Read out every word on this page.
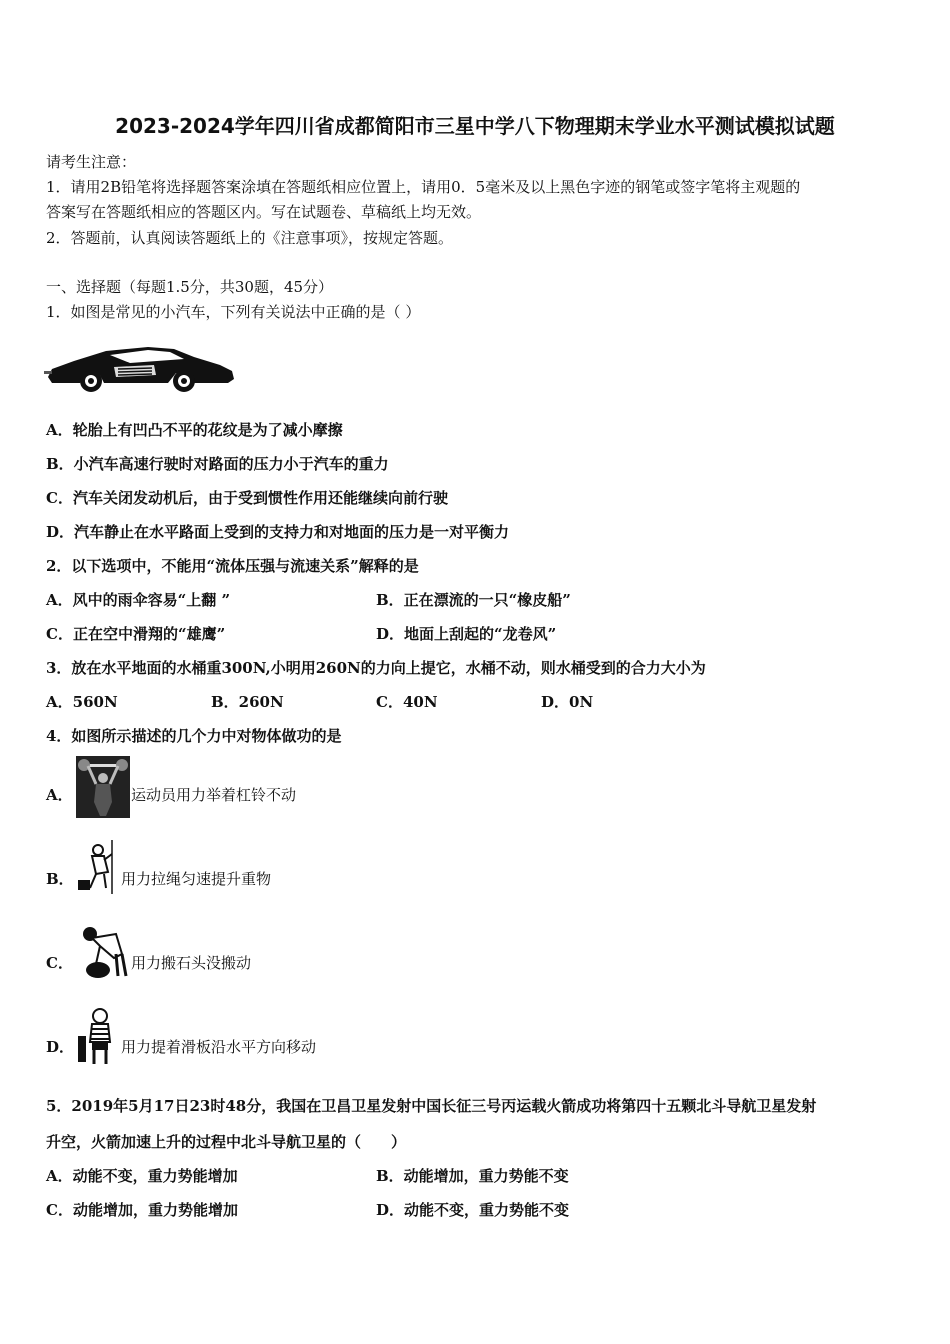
2023-2024学年四川省成都简阳市三星中学八下物理期末学业水平测试模拟试题
请考生注意：
1．请用2B铅笔将选择题答案涂填在答题纸相应位置上，请用0．5毫米及以上黑色字迹的钢笔或签字笔将主观题的
答案写在答题纸相应的答题区内。写在试题卷、草稿纸上均无效。
2．答题前，认真阅读答题纸上的《注意事项》，按规定答题。
一、选择题（每题1.5分，共30题，45分）
1．如图是常见的小汽车，下列有关说法中正确的是（ ）
A．轮胎上有凹凸不平的花纹是为了减小摩擦
B．小汽车高速行驶时对路面的压力小于汽车的重力
C．汽车关闭发动机后，由于受到惯性作用还能继续向前行驶
D．汽车静止在水平路面上受到的支持力和对地面的压力是一对平衡力
2．以下选项中，不能用“流体压强与流速关系”解释的是
A．风中的雨伞容易“上翻 ”	B．正在漂流的一只“橡皮船”
C．正在空中滑翔的“雄鹰”	D．地面上刮起的“龙卷风”
3．放在水平地面的水桶重300N,小明用260N的力向上提它，水桶不动，则水桶受到的合力大小为
A．560N	B．260N	C．40N	D．0N
4．如图所示描述的几个力中对物体做功的是
A．	运动员用力举着杠铃不动
B．	用力拉绳匀速提升重物
C．	用力搬石头没搬动
D．	用力提着滑板沿水平方向移动
5．2019年5月17日23时48分，我国在卫昌卫星发射中国长征三号丙运载火箭成功将第四十五颗北斗导航卫星发射
升空，火箭加速上升的过程中北斗导航卫星的（　　）
A．动能不变，重力势能增加	B．动能增加，重力势能不变
C．动能增加，重力势能增加	D．动能不变，重力势能不变
